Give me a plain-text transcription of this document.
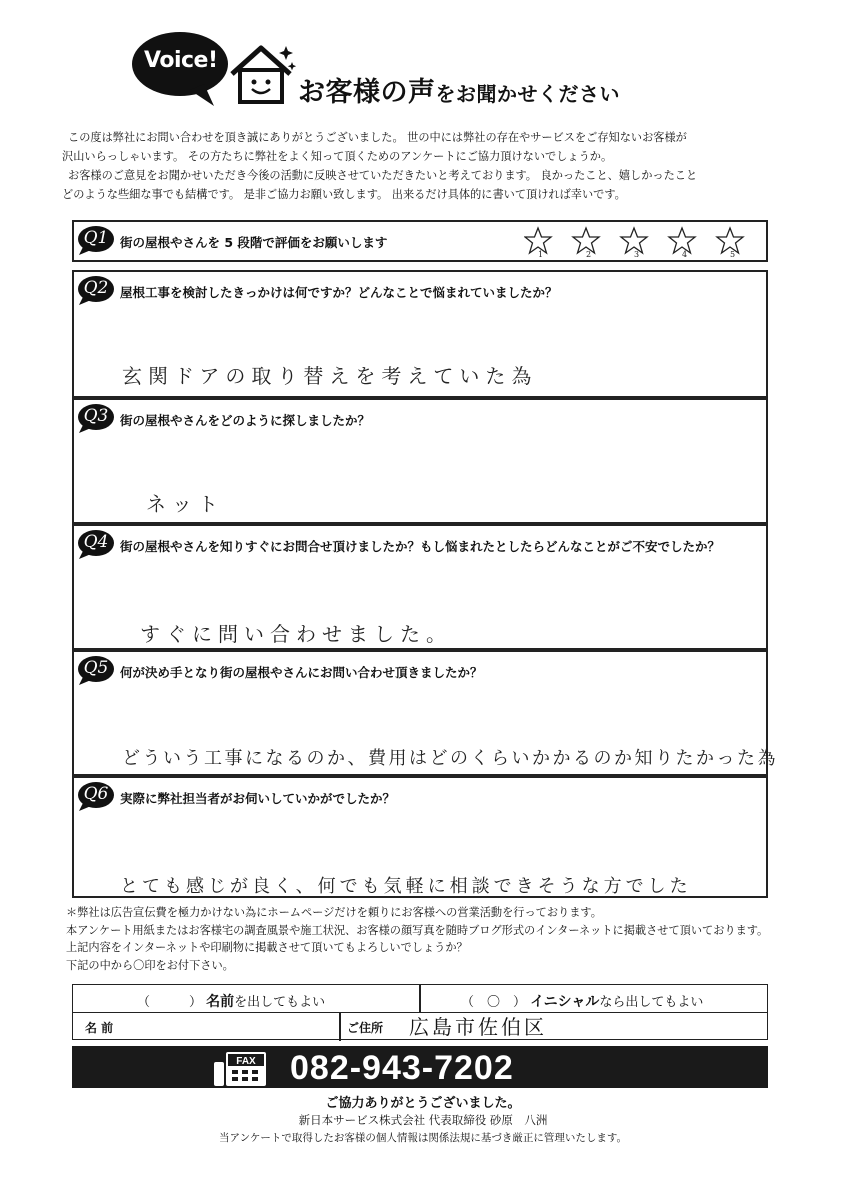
Voice!
お客様の声をお聞かせください

この度は弊社にお問い合わせを頂き誠にありがとうございました。 世の中には弊社の存在やサービスをご存知ないお客様が

沢山いらっしゃいます。 その方たちに弊社をよく知って頂くためのアンケートにご協力頂けないでしょうか。

お客様のご意見をお聞かせいただき今後の活動に反映させていただきたいと考えております。 良かったこと、嬉しかったこと

どのような些細な事でも結構です。 是非ご協力お願い致します。 出来るだけ具体的に書いて頂ければ幸いです。

Q1 街の屋根やさんを 5 段階で評価をお願いします
1	2	3	4	5
Q2 屋根工事を検討したきっかけは何ですか？どんなことで悩まれていましたか？
玄関ドアの取り替えを考えていた為
Q3 街の屋根やさんをどのように探しましたか？
ネット
Q4 街の屋根やさんを知りすぐにお問合せ頂けましたか？もし悩まれたとしたらどんなことがご不安でしたか？
すぐに問い合わせました。
Q5 何が決め手となり街の屋根やさんにお問い合わせ頂きましたか？
どういう工事になるのか、費用はどのくらいかかるのか知りたかった為
Q6 実際に弊社担当者がお伺いしていかがでしたか？
とても感じが良く、何でも気軽に相談できそうな方でした

＊弊社は広告宣伝費を極力かけない為にホームページだけを頼りにお客様への営業活動を行っております。

本アンケート用紙またはお客様宅の調査風景や施工状況、お客様の顔写真を随時ブログ形式のインターネットに掲載させて頂いております。

上記内容をインターネットや印刷物に掲載させて頂いてもよろしいでしょうか？

下記の中から〇印をお付下さい。

（　　　） 名前を出してもよい	（　〇　） イニシャルなら出してもよい
名 前	ご住所 広島市佐伯区
FAX 082-943-7202
ご協力ありがとうございました。
新日本サービス株式会社 代表取締役 砂原　八洲
当アンケートで取得したお客様の個人情報は関係法規に基づき厳正に管理いたします。
